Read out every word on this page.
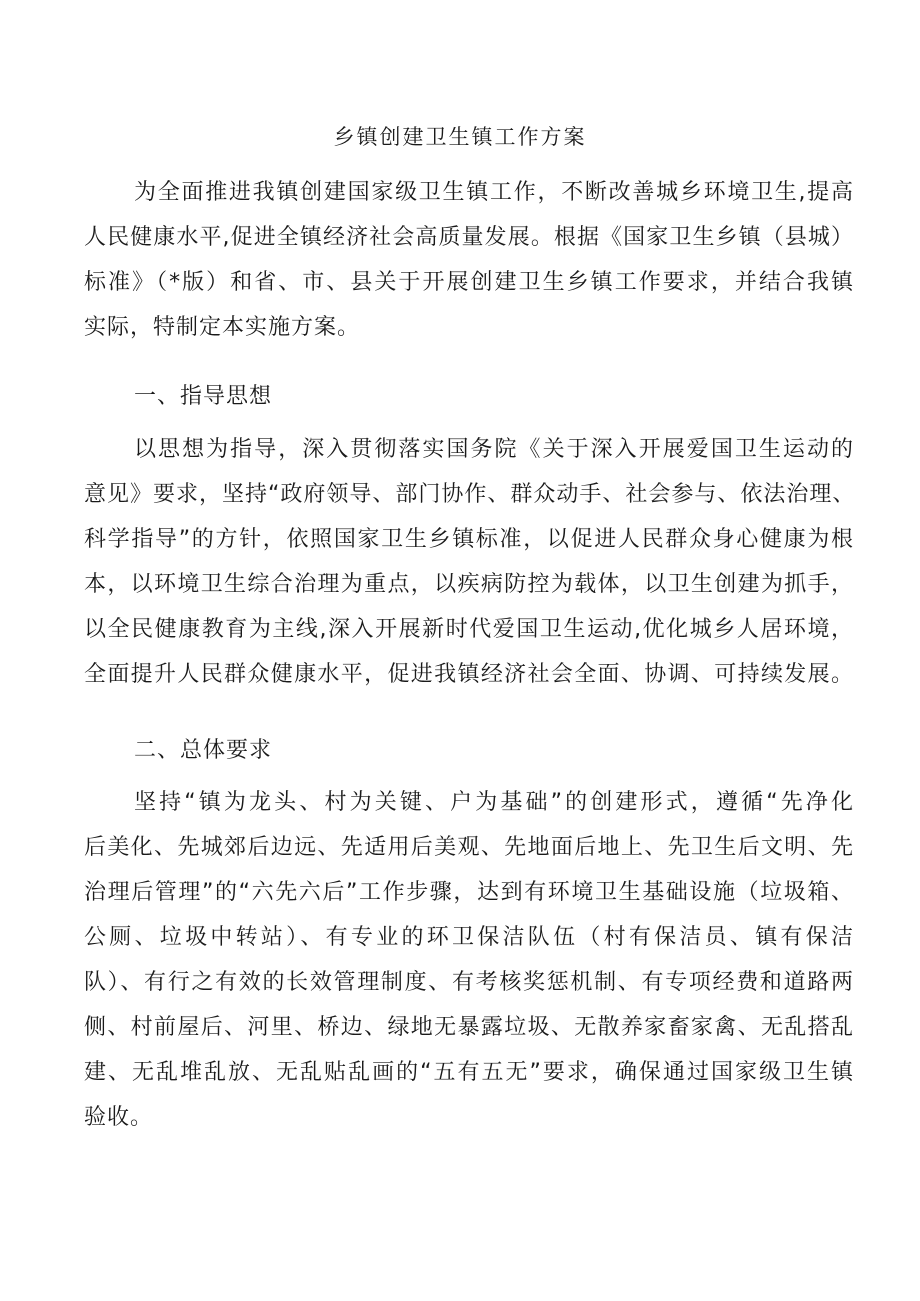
乡镇创建卫生镇工作方案
为全面推进我镇创建国家级卫生镇工作，不断改善城乡环境卫生,提高
人民健康水平,促进全镇经济社会高质量发展。根据《国家卫生乡镇（县城）
标准》（*版）和省、市、县关于开展创建卫生乡镇工作要求，并结合我镇
实际，特制定本实施方案。
一、指导思想
以思想为指导，深入贯彻落实国务院《关于深入开展爱国卫生运动的
意见》要求，坚持“政府领导、部门协作、群众动手、社会参与、依法治理、
科学指导”的方针，依照国家卫生乡镇标准，以促进人民群众身心健康为根
本，以环境卫生综合治理为重点，以疾病防控为载体，以卫生创建为抓手，
以全民健康教育为主线,深入开展新时代爱国卫生运动,优化城乡人居环境，
全面提升人民群众健康水平，促进我镇经济社会全面、协调、可持续发展。
二、总体要求
坚持“镇为龙头、村为关键、户为基础”的创建形式，遵循“先净化
后美化、先城郊后边远、先适用后美观、先地面后地上、先卫生后文明、先
治理后管理”的“六先六后”工作步骤，达到有环境卫生基础设施（垃圾箱、
公厕、垃圾中转站）、有专业的环卫保洁队伍（村有保洁员、镇有保洁
队）、有行之有效的长效管理制度、有考核奖惩机制、有专项经费和道路两
侧、村前屋后、河里、桥边、绿地无暴露垃圾、无散养家畜家禽、无乱搭乱
建、无乱堆乱放、无乱贴乱画的“五有五无”要求，确保通过国家级卫生镇
验收。
